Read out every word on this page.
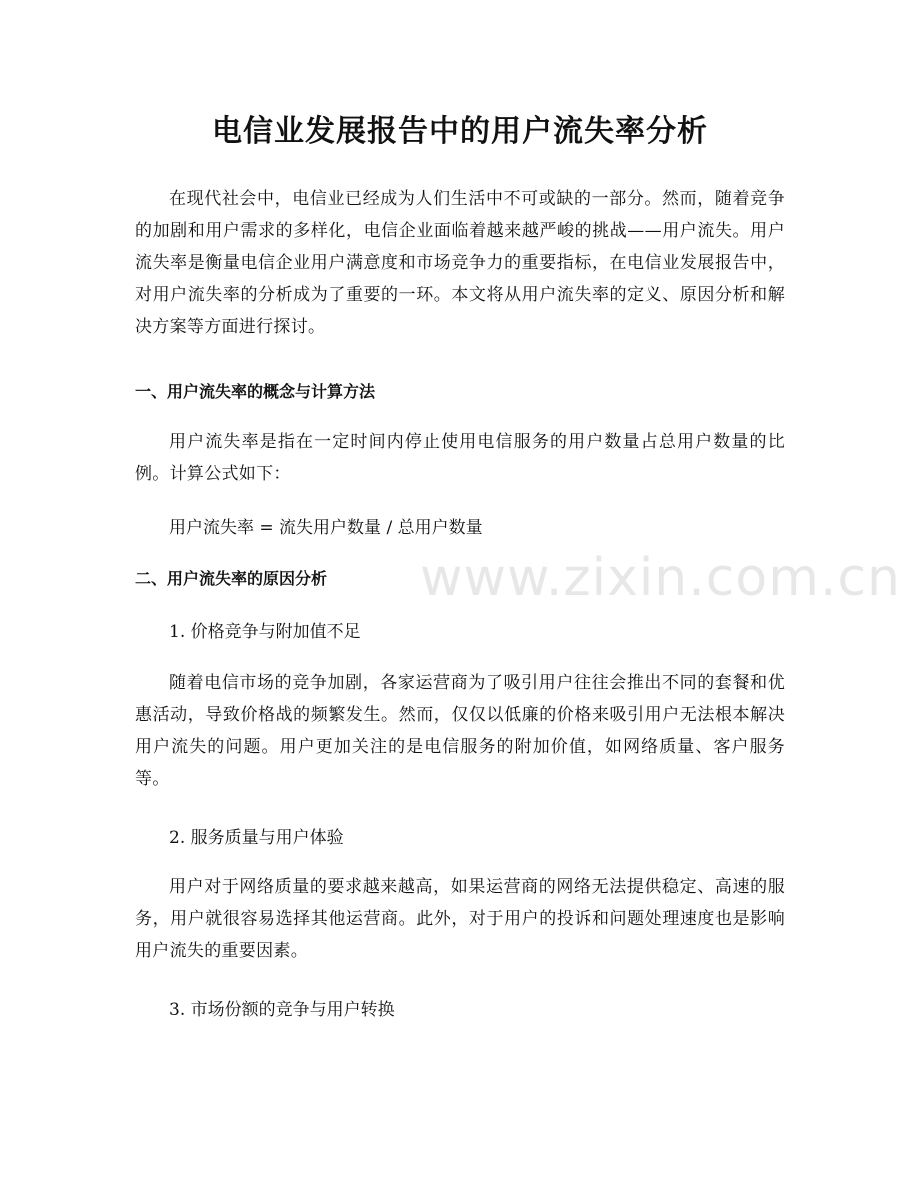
电信业发展报告中的用户流失率分析

在现代社会中，电信业已经成为人们生活中不可或缺的一部分。然而，随着竞争的加剧和用户需求的多样化，电信企业面临着越来越严峻的挑战——用户流失。用户流失率是衡量电信企业用户满意度和市场竞争力的重要指标，在电信业发展报告中，对用户流失率的分析成为了重要的一环。本文将从用户流失率的定义、原因分析和解决方案等方面进行探讨。

一、用户流失率的概念与计算方法

用户流失率是指在一定时间内停止使用电信服务的用户数量占总用户数量的比例。计算公式如下：

用户流失率 = 流失用户数量 / 总用户数量

二、用户流失率的原因分析

1. 价格竞争与附加值不足

随着电信市场的竞争加剧，各家运营商为了吸引用户往往会推出不同的套餐和优惠活动，导致价格战的频繁发生。然而，仅仅以低廉的价格来吸引用户无法根本解决用户流失的问题。用户更加关注的是电信服务的附加价值，如网络质量、客户服务等。

2. 服务质量与用户体验

用户对于网络质量的要求越来越高，如果运营商的网络无法提供稳定、高速的服务，用户就很容易选择其他运营商。此外，对于用户的投诉和问题处理速度也是影响用户流失的重要因素。

3. 市场份额的竞争与用户转换

www.zixin.com.cn
